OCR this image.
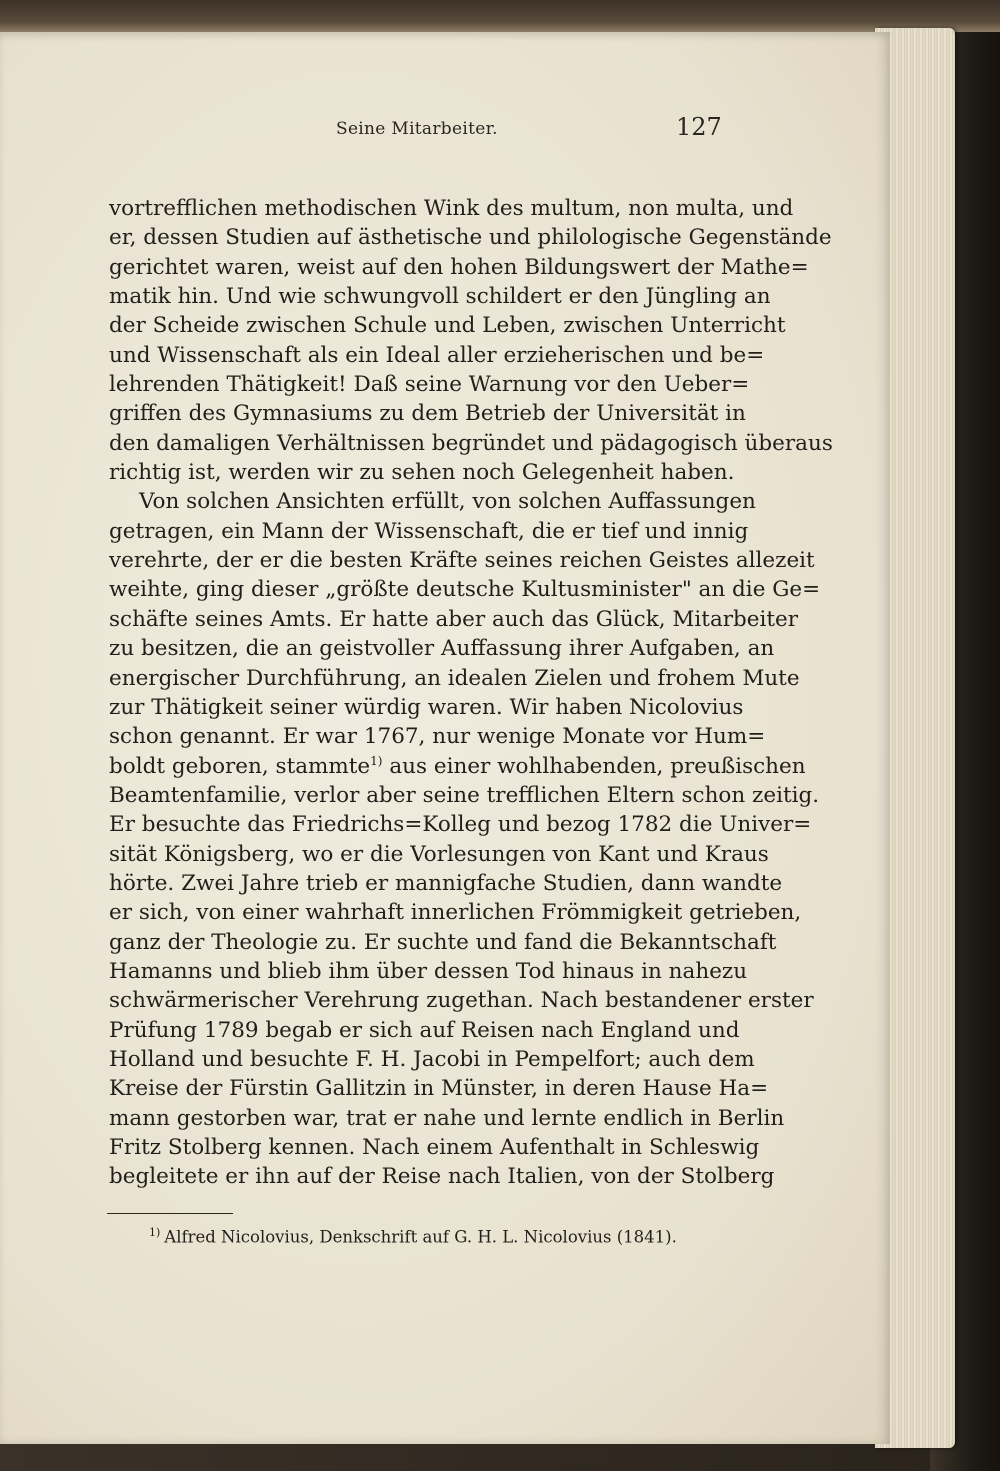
Seine Mitarbeiter.	127
vortrefflichen methodischen Wink des multum, non multa, und
er, dessen Studien auf ästhetische und philologische Gegenstände
gerichtet waren, weist auf den hohen Bildungswert der Mathe=
matik hin. Und wie schwungvoll schildert er den Jüngling an
der Scheide zwischen Schule und Leben, zwischen Unterricht
und Wissenschaft als ein Ideal aller erzieherischen und be=
lehrenden Thätigkeit! Daß seine Warnung vor den Ueber=
griffen des Gymnasiums zu dem Betrieb der Universität in
den damaligen Verhältnissen begründet und pädagogisch überaus
richtig ist, werden wir zu sehen noch Gelegenheit haben.
Von solchen Ansichten erfüllt, von solchen Auffassungen
getragen, ein Mann der Wissenschaft, die er tief und innig
verehrte, der er die besten Kräfte seines reichen Geistes allezeit
weihte, ging dieser „größte deutsche Kultusminister" an die Ge=
schäfte seines Amts. Er hatte aber auch das Glück, Mitarbeiter
zu besitzen, die an geistvoller Auffassung ihrer Aufgaben, an
energischer Durchführung, an idealen Zielen und frohem Mute
zur Thätigkeit seiner würdig waren. Wir haben Nicolovius
schon genannt. Er war 1767, nur wenige Monate vor Hum=
boldt geboren, stammte$^{1)}$ aus einer wohlhabenden, preußischen
Beamtenfamilie, verlor aber seine trefflichen Eltern schon zeitig.
Er besuchte das Friedrichs=Kolleg und bezog 1782 die Univer=
sität Königsberg, wo er die Vorlesungen von Kant und Kraus
hörte. Zwei Jahre trieb er mannigfache Studien, dann wandte
er sich, von einer wahrhaft innerlichen Frömmigkeit getrieben,
ganz der Theologie zu. Er suchte und fand die Bekanntschaft
Hamanns und blieb ihm über dessen Tod hinaus in nahezu
schwärmerischer Verehrung zugethan. Nach bestandener erster
Prüfung 1789 begab er sich auf Reisen nach England und
Holland und besuchte F. H. Jacobi in Pempelfort; auch dem
Kreise der Fürstin Gallitzin in Münster, in deren Hause Ha=
mann gestorben war, trat er nahe und lernte endlich in Berlin
Fritz Stolberg kennen. Nach einem Aufenthalt in Schleswig
begleitete er ihn auf der Reise nach Italien, von der Stolberg
$^{1)}$ Alfred Nicolovius, Denkschrift auf G. H. L. Nicolovius (1841).
